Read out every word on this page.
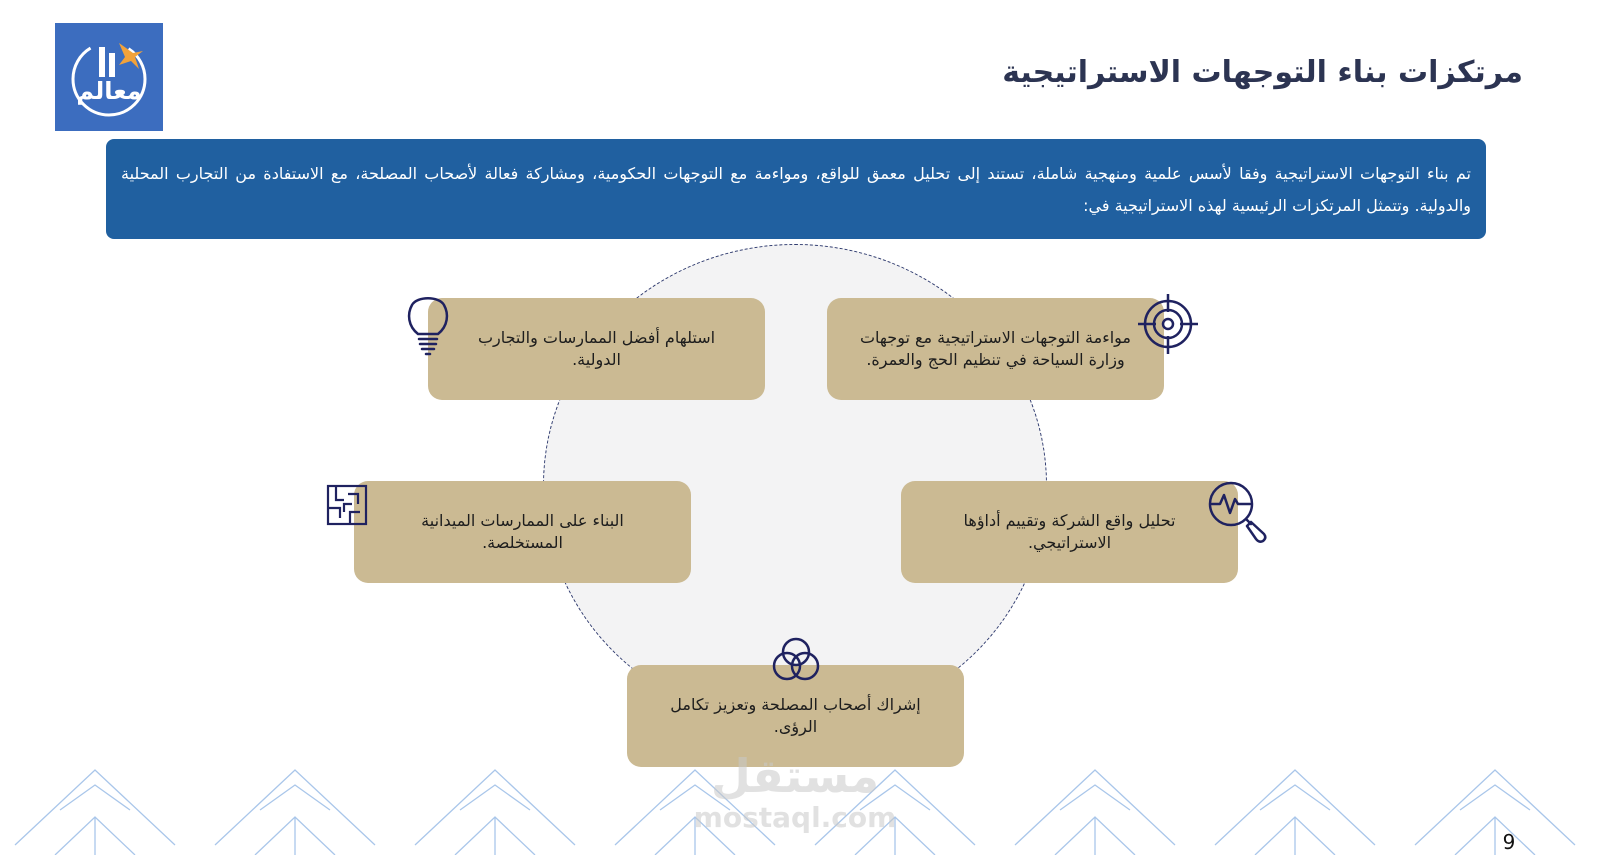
معالم
مرتكزات بناء التوجهات الاستراتيجية
تم بناء التوجهات الاستراتيجية وفقا لأسس علمية ومنهجية شاملة، تستند إلى تحليل معمق للواقع، ومواءمة مع التوجهات الحكومية، ومشاركة فعالة لأصحاب المصلحة، مع الاستفادة من التجارب المحلية والدولية. وتتمثل المرتكزات الرئيسية لهذه الاستراتيجية في:
مواءمة التوجهات الاستراتيجية مع توجهات وزارة السياحة في تنظيم الحج والعمرة.
استلهام أفضل الممارسات والتجارب الدولية.
تحليل واقع الشركة وتقييم أداؤها الاستراتيجي.
البناء على الممارسات الميدانية المستخلصة.
إشراك أصحاب المصلحة وتعزيز تكامل الرؤى.
مستقل
mostaql.com
9
